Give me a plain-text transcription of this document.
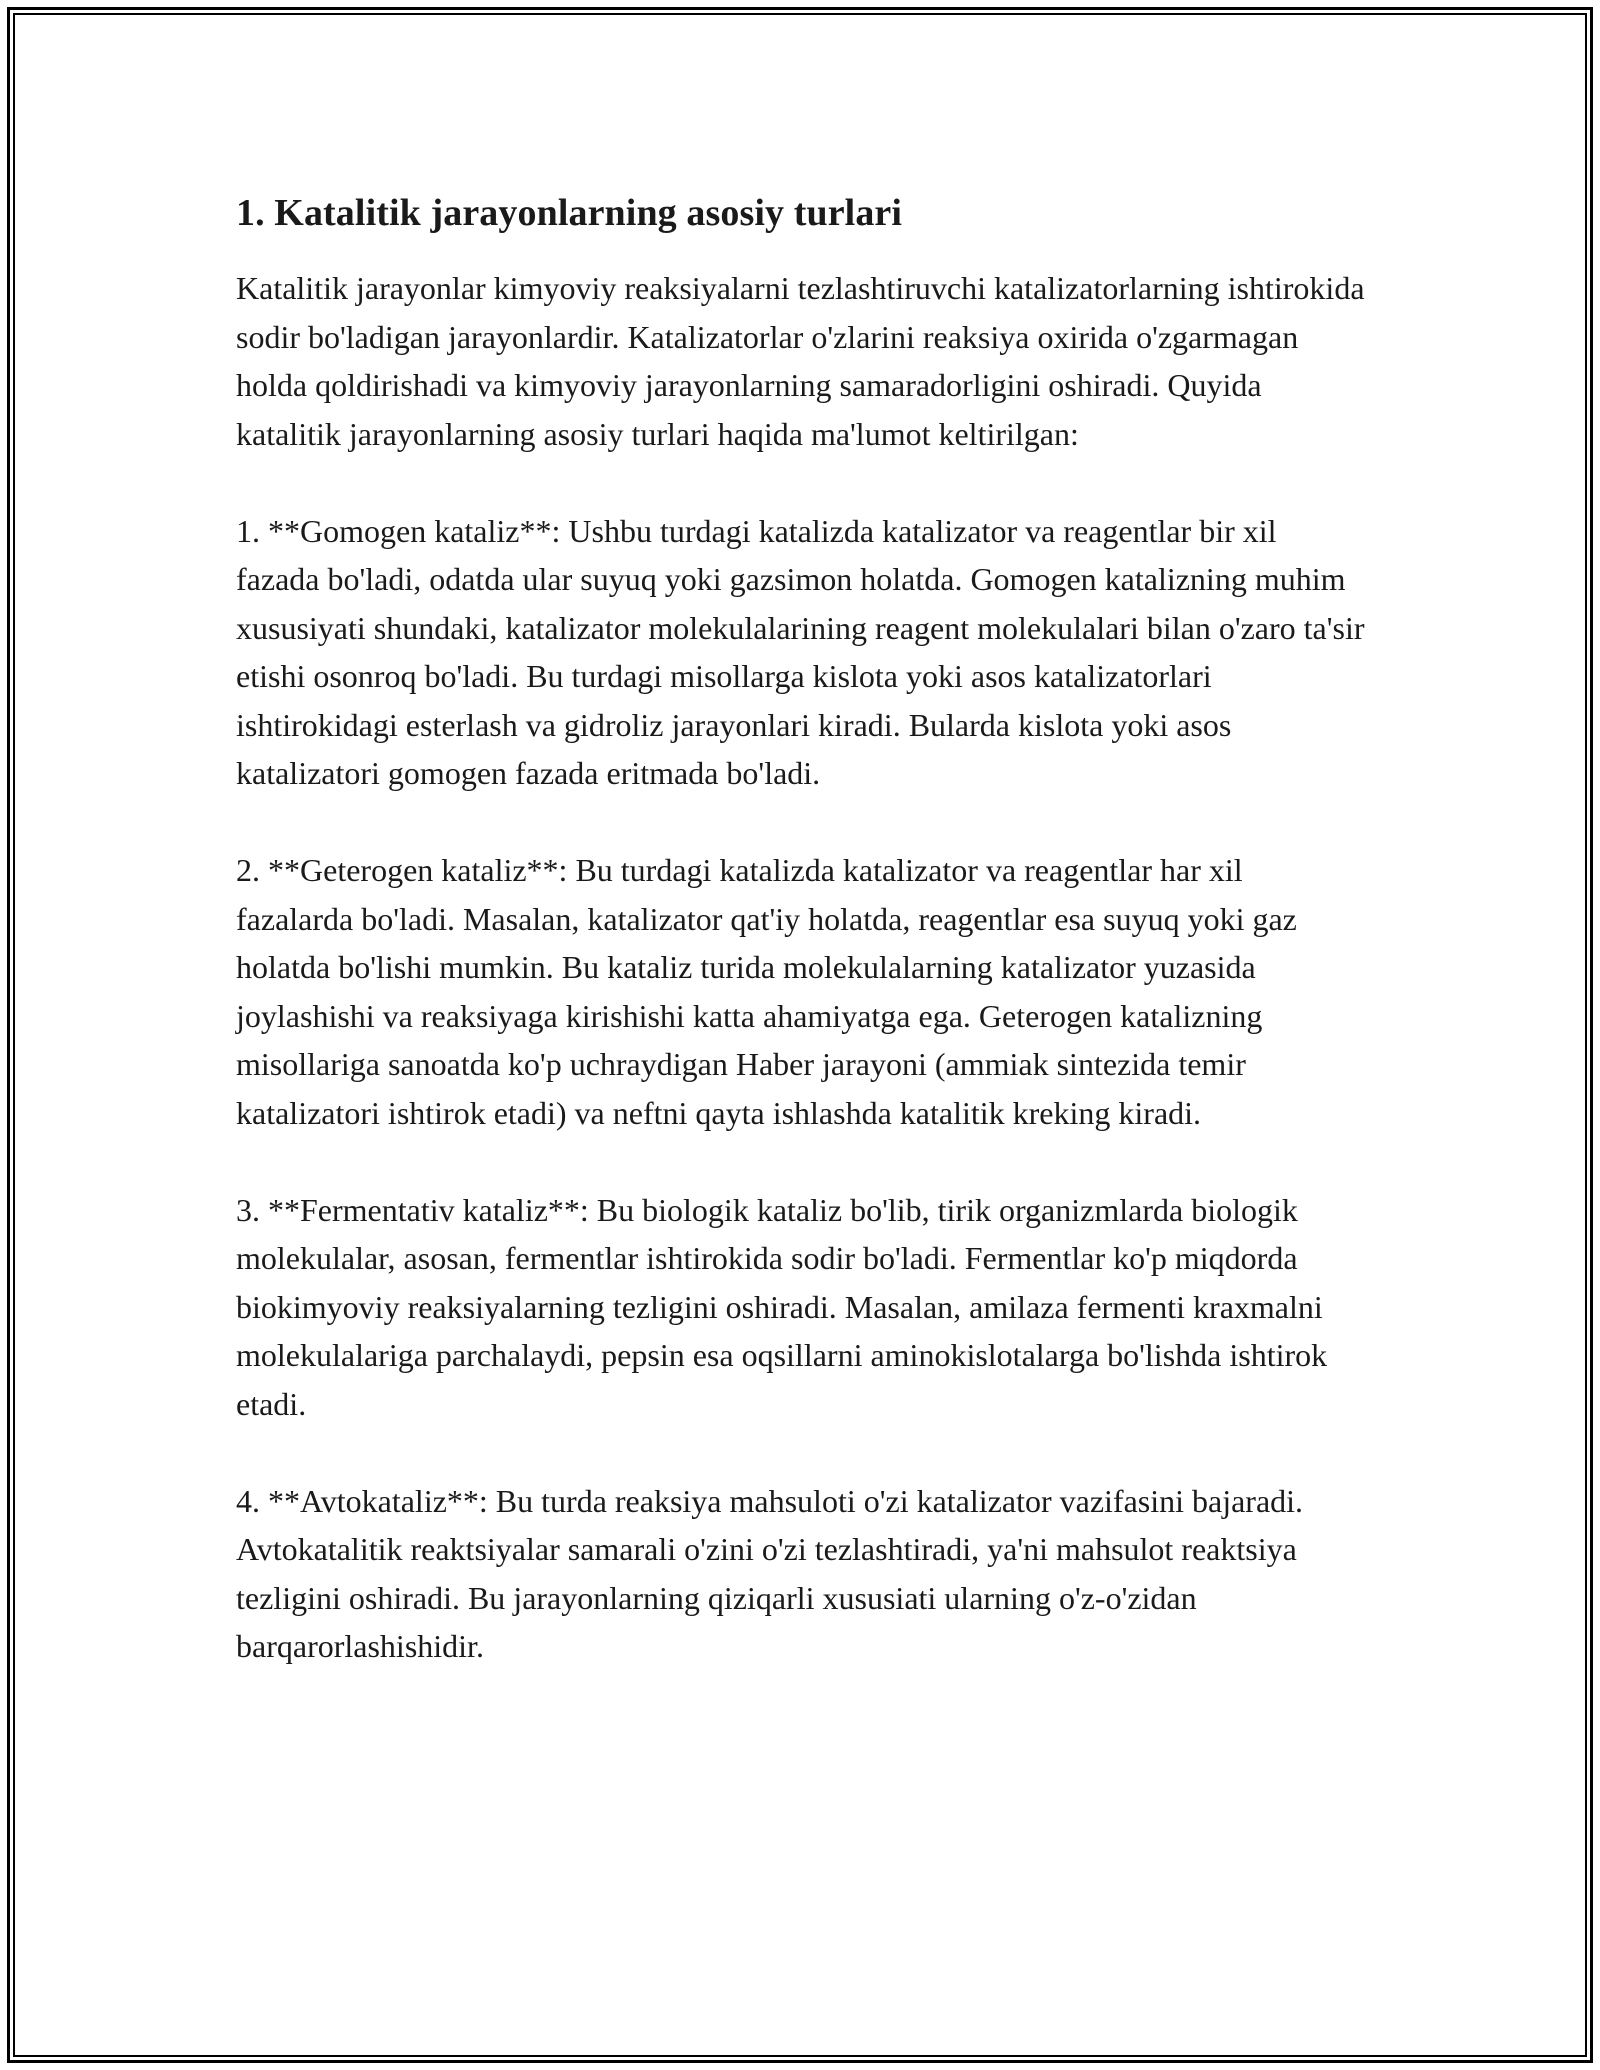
1. Katalitik jarayonlarning asosiy turlari

Katalitik jarayonlar kimyoviy reaksiyalarni tezlashtiruvchi katalizatorlarning ishtirokida sodir bo'ladigan jarayonlardir. Katalizatorlar o'zlarini reaksiya oxirida o'zgarmagan holda qoldirishadi va kimyoviy jarayonlarning samaradorligini oshiradi. Quyida katalitik jarayonlarning asosiy turlari haqida ma'lumot keltirilgan:

1. **Gomogen kataliz**: Ushbu turdagi katalizda katalizator va reagentlar bir xil fazada bo'ladi, odatda ular suyuq yoki gazsimon holatda. Gomogen katalizning muhim xususiyati shundaki, katalizator molekulalarining reagent molekulalari bilan o'zaro ta'sir etishi osonroq bo'ladi. Bu turdagi misollarga kislota yoki asos katalizatorlari ishtirokidagi esterlash va gidroliz jarayonlari kiradi. Bularda kislota yoki asos katalizatori gomogen fazada eritmada bo'ladi.

2. **Geterogen kataliz**: Bu turdagi katalizda katalizator va reagentlar har xil fazalarda bo'ladi. Masalan, katalizator qat'iy holatda, reagentlar esa suyuq yoki gaz holatda bo'lishi mumkin. Bu kataliz turida molekulalarning katalizator yuzasida joylashishi va reaksiyaga kirishishi katta ahamiyatga ega. Geterogen katalizning misollariga sanoatda ko'p uchraydigan Haber jarayoni (ammiak sintezida temir katalizatori ishtirok etadi) va neftni qayta ishlashda katalitik kreking kiradi.

3. **Fermentativ kataliz**: Bu biologik kataliz bo'lib, tirik organizmlarda biologik molekulalar, asosan, fermentlar ishtirokida sodir bo'ladi. Fermentlar ko'p miqdorda biokimyoviy reaksiyalarning tezligini oshiradi. Masalan, amilaza fermenti kraxmalni molekulalariga parchalaydi, pepsin esa oqsillarni aminokislotalarga bo'lishda ishtirok etadi.

4. **Avtokataliz**: Bu turda reaksiya mahsuloti o'zi katalizator vazifasini bajaradi. Avtokatalitik reaktsiyalar samarali o'zini o'zi tezlashtiradi, ya'ni mahsulot reaktsiya tezligini oshiradi. Bu jarayonlarning qiziqarli xususiati ularning o'z-o'zidan barqarorlashishidir.
